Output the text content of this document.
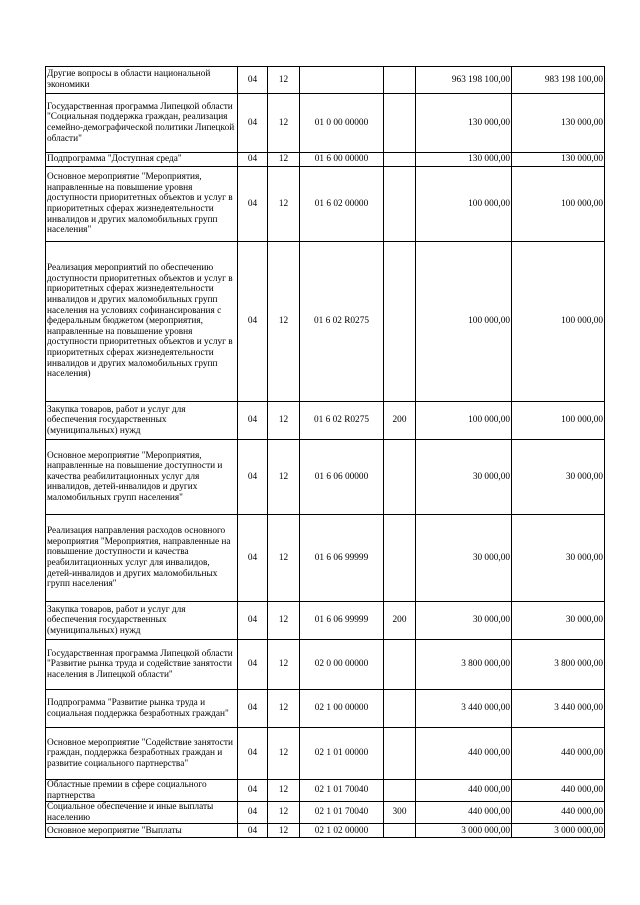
Другие вопросы в области национальной экономики	04	12			963 198 100,00	983 198 100,00
Государственная программа Липецкой области "Социальная поддержка граждан, реализация семейно-демографической политики Липецкой области"	04	12	01 0 00 00000		130 000,00	130 000,00
Подпрограмма "Доступная среда"	04	12	01 6 00 00000		130 000,00	130 000,00
Основное мероприятие "Мероприятия, направленные на повышение уровня доступности приоритетных объектов и услуг в приоритетных сферах жизнедеятельности инвалидов и других маломобильных групп населения"	04	12	01 6 02 00000		100 000,00	100 000,00
Реализация мероприятий по обеспечению доступности приоритетных объектов и услуг в приоритетных сферах жизнедеятельности инвалидов и других маломобильных групп населения на условиях софинансирования с федеральным бюджетом (мероприятия, направленные на повышение уровня доступности приоритетных объектов и услуг в приоритетных сферах жизнедеятельности инвалидов и других маломобильных групп населения)	04	12	01 6 02 R0275		100 000,00	100 000,00
Закупка товаров, работ и услуг для обеспечения государственных (муниципальных) нужд	04	12	01 6 02 R0275	200	100 000,00	100 000,00
Основное мероприятие "Мероприятия, направленные на повышение доступности и качества реабилитационных услуг для инвалидов, детей-инвалидов и других маломобильных групп населения"	04	12	01 6 06 00000		30 000,00	30 000,00
Реализация направления расходов основного мероприятия "Мероприятия, направленные на повышение доступности и качества реабилитационных услуг для инвалидов, детей-инвалидов и других маломобильных групп населения"	04	12	01 6 06 99999		30 000,00	30 000,00
Закупка товаров, работ и услуг для обеспечения государственных (муниципальных) нужд	04	12	01 6 06 99999	200	30 000,00	30 000,00
Государственная программа Липецкой области "Развитие рынка труда и содействие занятости населения в Липецкой области"	04	12	02 0 00 00000		3 800 000,00	3 800 000,00
Подпрограмма "Развитие рынка труда и социальная поддержка безработных граждан"	04	12	02 1 00 00000		3 440 000,00	3 440 000,00
Основное мероприятие "Содействие занятости граждан, поддержка безработных граждан и развитие социального партнерства"	04	12	02 1 01 00000		440 000,00	440 000,00
Областные премии в сфере социального партнерства	04	12	02 1 01 70040		440 000,00	440 000,00
Социальное обеспечение и иные выплаты населению	04	12	02 1 01 70040	300	440 000,00	440 000,00
Основное мероприятие "Выплаты	04	12	02 1 02 00000		3 000 000,00	3 000 000,00
